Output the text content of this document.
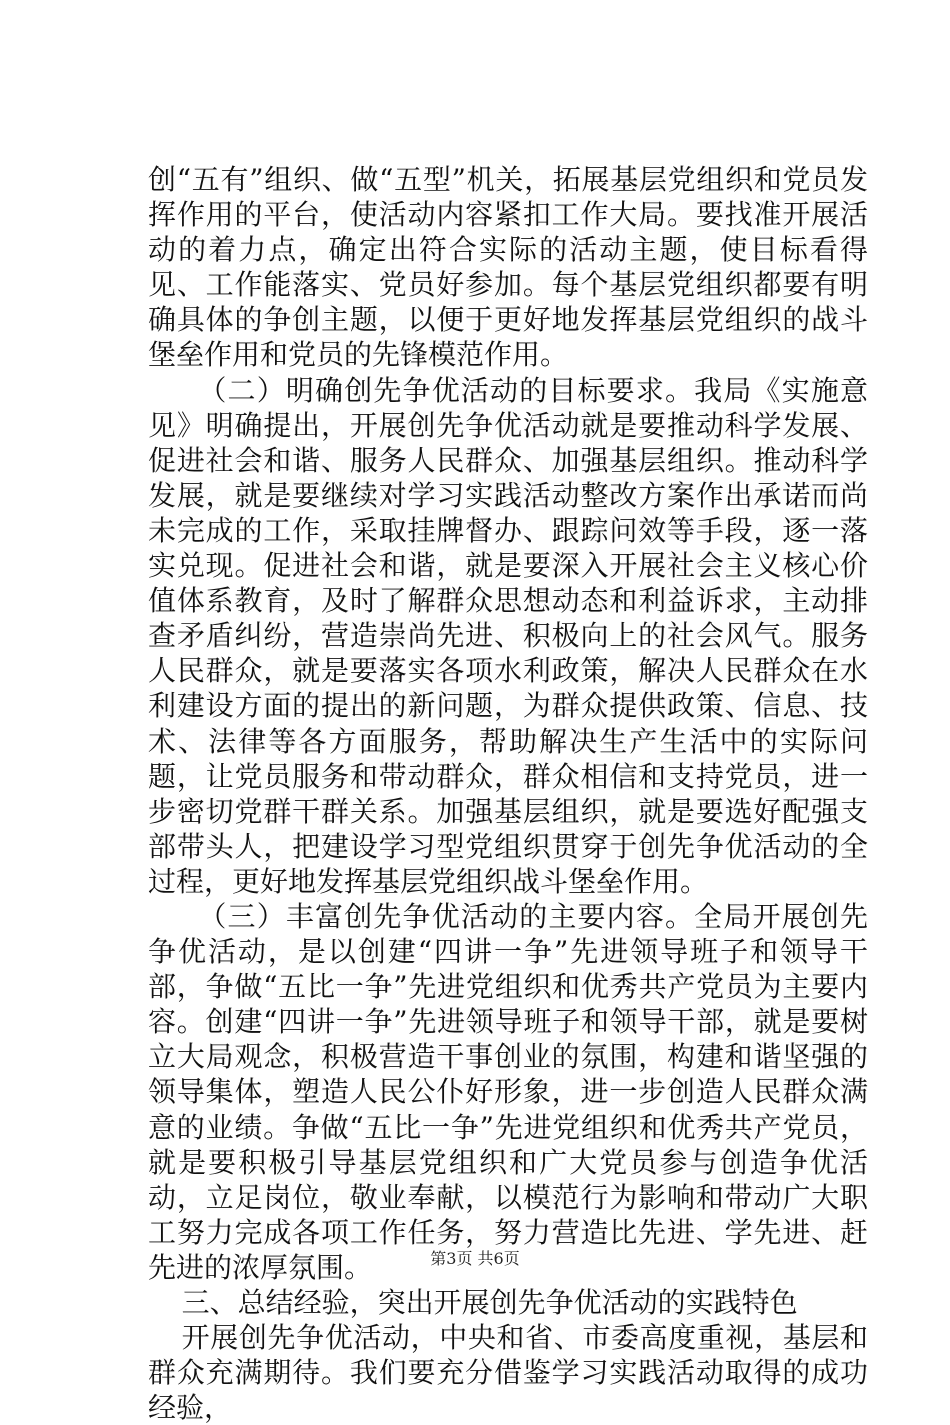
创“五有”组织、做“五型”机关，拓展基层党组织和党员发挥作用的平台，使活动内容紧扣工作大局。要找准开展活动的着力点，确定出符合实际的活动主题，使目标看得见、工作能落实、党员好参加。每个基层党组织都要有明确具体的争创主题，以便于更好地发挥基层党组织的战斗堡垒作用和党员的先锋模范作用。

（二）明确创先争优活动的目标要求。我局《实施意见》明确提出，开展创先争优活动就是要推动科学发展、促进社会和谐、服务人民群众、加强基层组织。推动科学发展，就是要继续对学习实践活动整改方案作出承诺而尚未完成的工作，采取挂牌督办、跟踪问效等手段，逐一落实兑现。促进社会和谐，就是要深入开展社会主义核心价值体系教育，及时了解群众思想动态和利益诉求，主动排查矛盾纠纷，营造崇尚先进、积极向上的社会风气。服务人民群众，就是要落实各项水利政策，解决人民群众在水利建设方面的提出的新问题，为群众提供政策、信息、技术、法律等各方面服务，帮助解决生产生活中的实际问题，让党员服务和带动群众，群众相信和支持党员，进一步密切党群干群关系。加强基层组织，就是要选好配强支部带头人，把建设学习型党组织贯穿于创先争优活动的全过程，更好地发挥基层党组织战斗堡垒作用。

（三）丰富创先争优活动的主要内容。全局开展创先争优活动，是以创建“四讲一争”先进领导班子和领导干部，争做“五比一争”先进党组织和优秀共产党员为主要内容。创建“四讲一争”先进领导班子和领导干部，就是要树立大局观念，积极营造干事创业的氛围，构建和谐坚强的领导集体，塑造人民公仆好形象，进一步创造人民群众满意的业绩。争做“五比一争”先进党组织和优秀共产党员，就是要积极引导基层党组织和广大党员参与创造争优活动，立足岗位，敬业奉献，以模范行为影响和带动广大职工努力完成各项工作任务，努力营造比先进、学先进、赶先进的浓厚氛围。

三、总结经验，突出开展创先争优活动的实践特色

开展创先争优活动，中央和省、市委高度重视，基层和群众充满期待。我们要充分借鉴学习实践活动取得的成功经验，

第3页 共6页
